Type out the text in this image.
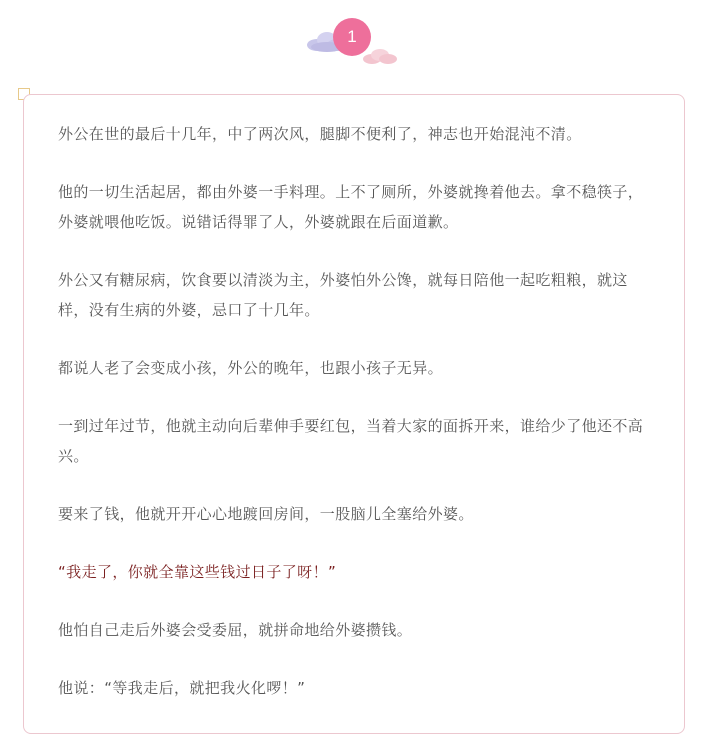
1

外公在世的最后十几年，中了两次风，腿脚不便利了，神志也开始混沌不清。

他的一切生活起居，都由外婆一手料理。上不了厕所，外婆就搀着他去。拿不稳筷子，外婆就喂他吃饭。说错话得罪了人，外婆就跟在后面道歉。

外公又有糖尿病，饮食要以清淡为主，外婆怕外公馋，就每日陪他一起吃粗粮，就这样，没有生病的外婆，忌口了十几年。

都说人老了会变成小孩，外公的晚年，也跟小孩子无异。

一到过年过节，他就主动向后辈伸手要红包，当着大家的面拆开来，谁给少了他还不高兴。

要来了钱，他就开开心心地踱回房间，一股脑儿全塞给外婆。

“我走了，你就全靠这些钱过日子了呀！”

他怕自己走后外婆会受委屈，就拼命地给外婆攒钱。

他说：“等我走后，就把我火化啰！”
